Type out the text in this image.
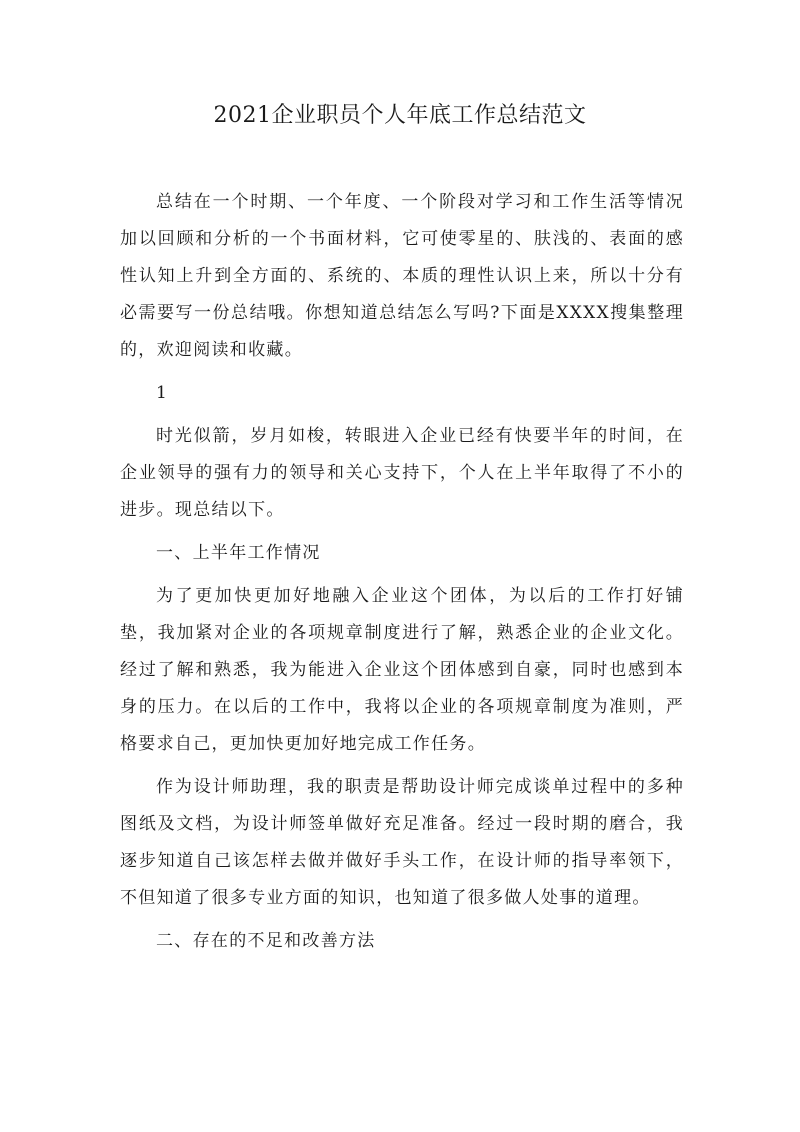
2021企业职员个人年底工作总结范文

总结在一个时期、一个年度、一个阶段对学习和工作生活等情况加以回顾和分析的一个书面材料，它可使零星的、肤浅的、表面的感性认知上升到全方面的、系统的、本质的理性认识上来，所以十分有必需要写一份总结哦。你想知道总结怎么写吗?下面是XXXX搜集整理的，欢迎阅读和收藏。

1

时光似箭，岁月如梭，转眼进入企业已经有快要半年的时间，在企业领导的强有力的领导和关心支持下，个人在上半年取得了不小的进步。现总结以下。

一、上半年工作情况

为了更加快更加好地融入企业这个团体，为以后的工作打好铺垫，我加紧对企业的各项规章制度进行了解，熟悉企业的企业文化。经过了解和熟悉，我为能进入企业这个团体感到自豪，同时也感到本身的压力。在以后的工作中，我将以企业的各项规章制度为准则，严格要求自己，更加快更加好地完成工作任务。

作为设计师助理，我的职责是帮助设计师完成谈单过程中的多种图纸及文档，为设计师签单做好充足准备。经过一段时期的磨合，我逐步知道自己该怎样去做并做好手头工作，在设计师的指导率领下，不但知道了很多专业方面的知识，也知道了很多做人处事的道理。

二、存在的不足和改善方法
